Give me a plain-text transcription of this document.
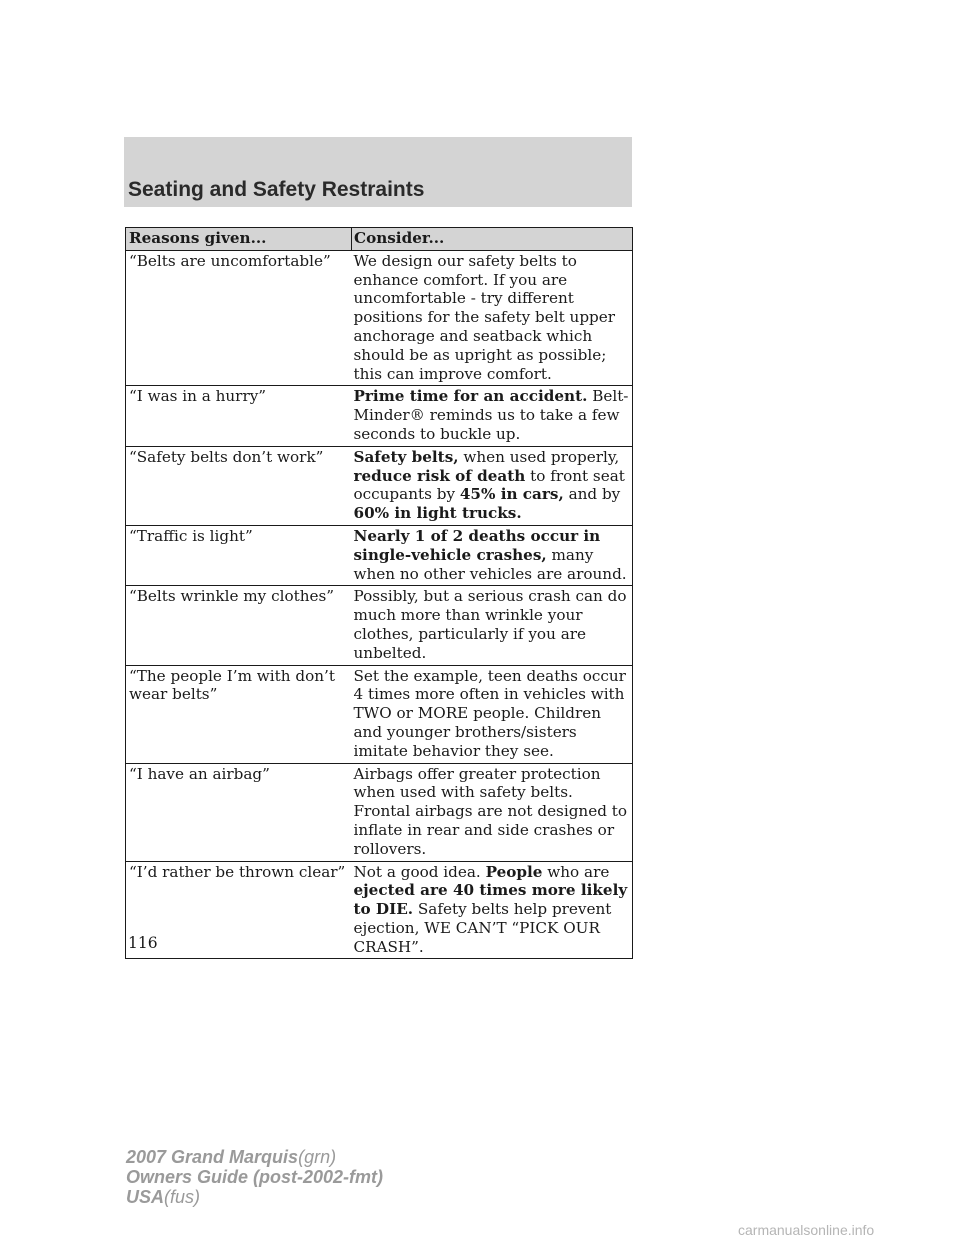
Seating and Safety Restraints
Reasons given...	Consider...
“Belts are uncomfortable”	We design our safety belts to enhance comfort. If you are uncomfortable - try different positions for the safety belt upper anchorage and seatback which should be as upright as possible; this can improve comfort.
“I was in a hurry”	Prime time for an accident. Belt-Minder® reminds us to take a few seconds to buckle up.
“Safety belts don’t work”	Safety belts, when used properly, reduce risk of death to front seat occupants by 45% in cars, and by 60% in light trucks.
“Traffic is light”	Nearly 1 of 2 deaths occur in single-vehicle crashes, many when no other vehicles are around.
“Belts wrinkle my clothes”	Possibly, but a serious crash can do much more than wrinkle your clothes, particularly if you are unbelted.
“The people I’m with don’t wear belts”	Set the example, teen deaths occur 4 times more often in vehicles with TWO or MORE people. Children and younger brothers/sisters imitate behavior they see.
“I have an airbag”	Airbags offer greater protection when used with safety belts. Frontal airbags are not designed to inflate in rear and side crashes or rollovers.
“I’d rather be thrown clear”	Not a good idea. People who are ejected are 40 times more likely to DIE. Safety belts help prevent ejection, WE CAN’T “PICK OUR CRASH”.

116

2007 Grand Marquis(grn)
Owners Guide (post-2002-fmt)
USA(fus)
carmanualsonline.info
